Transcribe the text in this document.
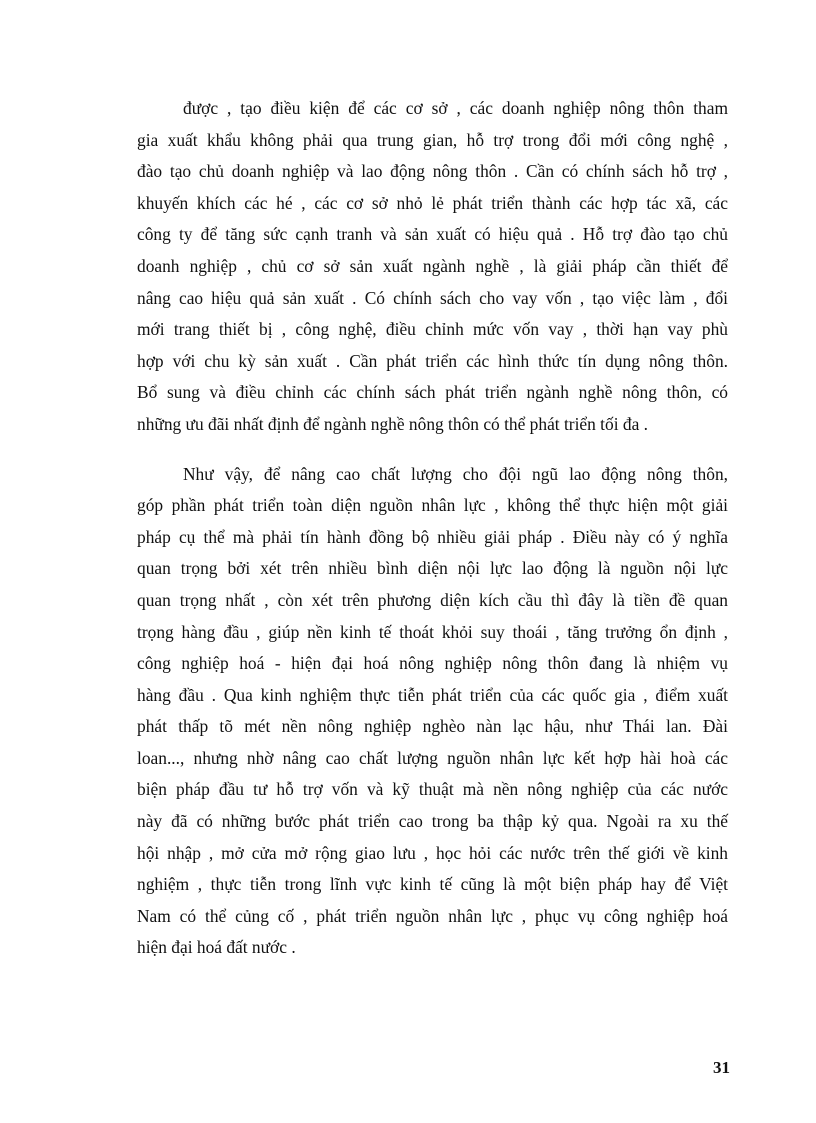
được , tạo điều kiện để các cơ sở , các doanh nghiệp nông thôn tham
gia xuất khẩu không phải qua trung gian, hỗ trợ trong đổi mới công nghệ ,
đào tạo chủ doanh nghiệp và lao động nông thôn . Cần có chính sách hỗ trợ ,
khuyến khích các hé , các cơ sở nhỏ lẻ phát triển thành các hợp tác xã, các
công ty để tăng sức cạnh tranh và sản xuất có hiệu quả . Hỗ trợ đào tạo chủ
doanh nghiệp , chủ cơ sở sản xuất ngành nghề , là giải pháp cần thiết để
nâng cao hiệu quả sản xuất . Có chính sách cho vay vốn , tạo việc làm , đổi
mới trang thiết bị , công nghệ, điều chỉnh mức vốn vay , thời hạn vay phù
hợp với chu kỳ sản xuất . Cần phát triển các hình thức tín dụng nông thôn.
Bổ sung và điều chỉnh các chính sách phát triển ngành nghề nông thôn, có
những ưu đãi nhất định để ngành nghề nông thôn có thể phát triển tối đa .

Như vậy, để nâng cao chất lượng cho đội ngũ lao động nông thôn,
góp phần phát triển toàn diện nguồn nhân lực , không thể thực hiện một giải
pháp cụ thể mà phải tín hành đồng bộ nhiều giải pháp . Điều này có ý nghĩa
quan trọng bởi xét trên nhiều bình diện nội lực lao động là nguồn nội lực
quan trọng nhất , còn xét trên phương diện kích cầu thì đây là tiền đề quan
trọng hàng đầu , giúp nền kinh tế thoát khỏi suy thoái , tăng trưởng ổn định ,
công nghiệp hoá - hiện đại hoá nông nghiệp nông thôn đang là nhiệm vụ
hàng đầu . Qua kinh nghiệm thực tiễn phát triển của các quốc gia , điểm xuất
phát thấp tõ mét nền nông nghiệp nghèo nàn lạc hậu, như Thái lan. Đài
loan..., nhưng nhờ nâng cao chất lượng nguồn nhân lực kết hợp hài hoà các
biện pháp đầu tư hỗ trợ vốn và kỹ thuật mà nền nông nghiệp của các nước
này đã có những bước phát triển cao trong ba thập kỷ qua. Ngoài ra xu thế
hội nhập , mở cửa mở rộng giao lưu , học hỏi các nước trên thế giới về kinh
nghiệm , thực tiễn trong lĩnh vực kinh tế cũng là một biện pháp hay để Việt
Nam có thể củng cố , phát triển nguồn nhân lực , phục vụ công nghiệp hoá
hiện đại hoá đất nước .

31
